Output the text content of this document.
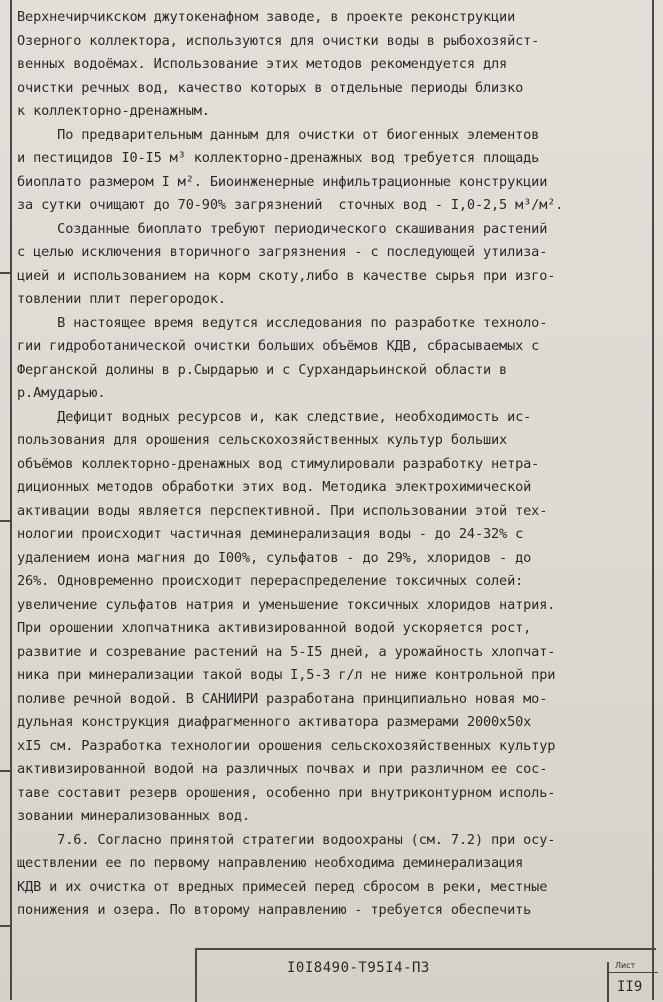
Верхнечирчикском джутокенафном заводе, в проекте реконструкции
Озерного коллектора, используются для очистки воды в рыбохозяйст-
венных водоёмах. Использование этих методов рекомендуется для
очистки речных вод, качество которых в отдельные периоды близко
к коллекторно-дренажным.
По предварительным данным для очистки от биогенных элементов
и пестицидов I0-I5 м³ коллекторно-дренажных вод требуется площадь
биоплато размером I м². Биоинженерные инфильтрационные конструкции
за сутки очищают до 70-90% загрязнений  сточных вод - I,0-2,5 м³/м².
Созданные биоплато требуют периодического скашивания растений
с целью исключения вторичного загрязнения - с последующей утилиза-
цией и использованием на корм скоту,либо в качестве сырья при изго-
товлении плит перегородок.
В настоящее время ведутся исследования по разработке техноло-
гии гидроботанической очистки больших объёмов КДВ, сбрасываемых с
Ферганской долины в р.Сырдарью и с Сурхандарьинской области в
р.Амударью.
Дефицит водных ресурсов и, как следствие, необходимость ис-
пользования для орошения сельскохозяйственных культур больших
объёмов коллекторно-дренажных вод стимулировали разработку нетра-
диционных методов обработки этих вод. Методика электрохимической
активации воды является перспективной. При использовании этой тех-
нологии происходит частичная деминерализация воды - до 24-32% с
удалением иона магния до I00%, сульфатов - до 29%, хлоридов - до
26%. Одновременно происходит перераспределение токсичных солей:
увеличение сульфатов натрия и уменьшение токсичных хлоридов натрия.
При орошении хлопчатника активизированной водой ускоряется рост,
развитие и созревание растений на 5-I5 дней, а урожайность хлопчат-
ника при минерализации такой воды I,5-3 г/л не ниже контрольной при
поливе речной водой. В САНИИРИ разработана принципиально новая мо-
дульная конструкция диафрагменного активатора размерами 2000х50х
xI5 см. Разработка технологии орошения сельскохозяйственных культур
активизированной водой на различных почвах и при различном ее сос-
таве составит резерв орошения, особенно при внутриконтурном исполь-
зовании минерализованных вод.
7.6. Согласно принятой стратегии водоохраны (см. 7.2) при осу-
ществлении ее по первому направлению необходима деминерализация
КДВ и их очистка от вредных примесей перед сбросом в реки, местные
понижения и озера. По второму направлению - требуется обеспечить
I0I8490-Т95I4-ПЗ	Лист
II9
